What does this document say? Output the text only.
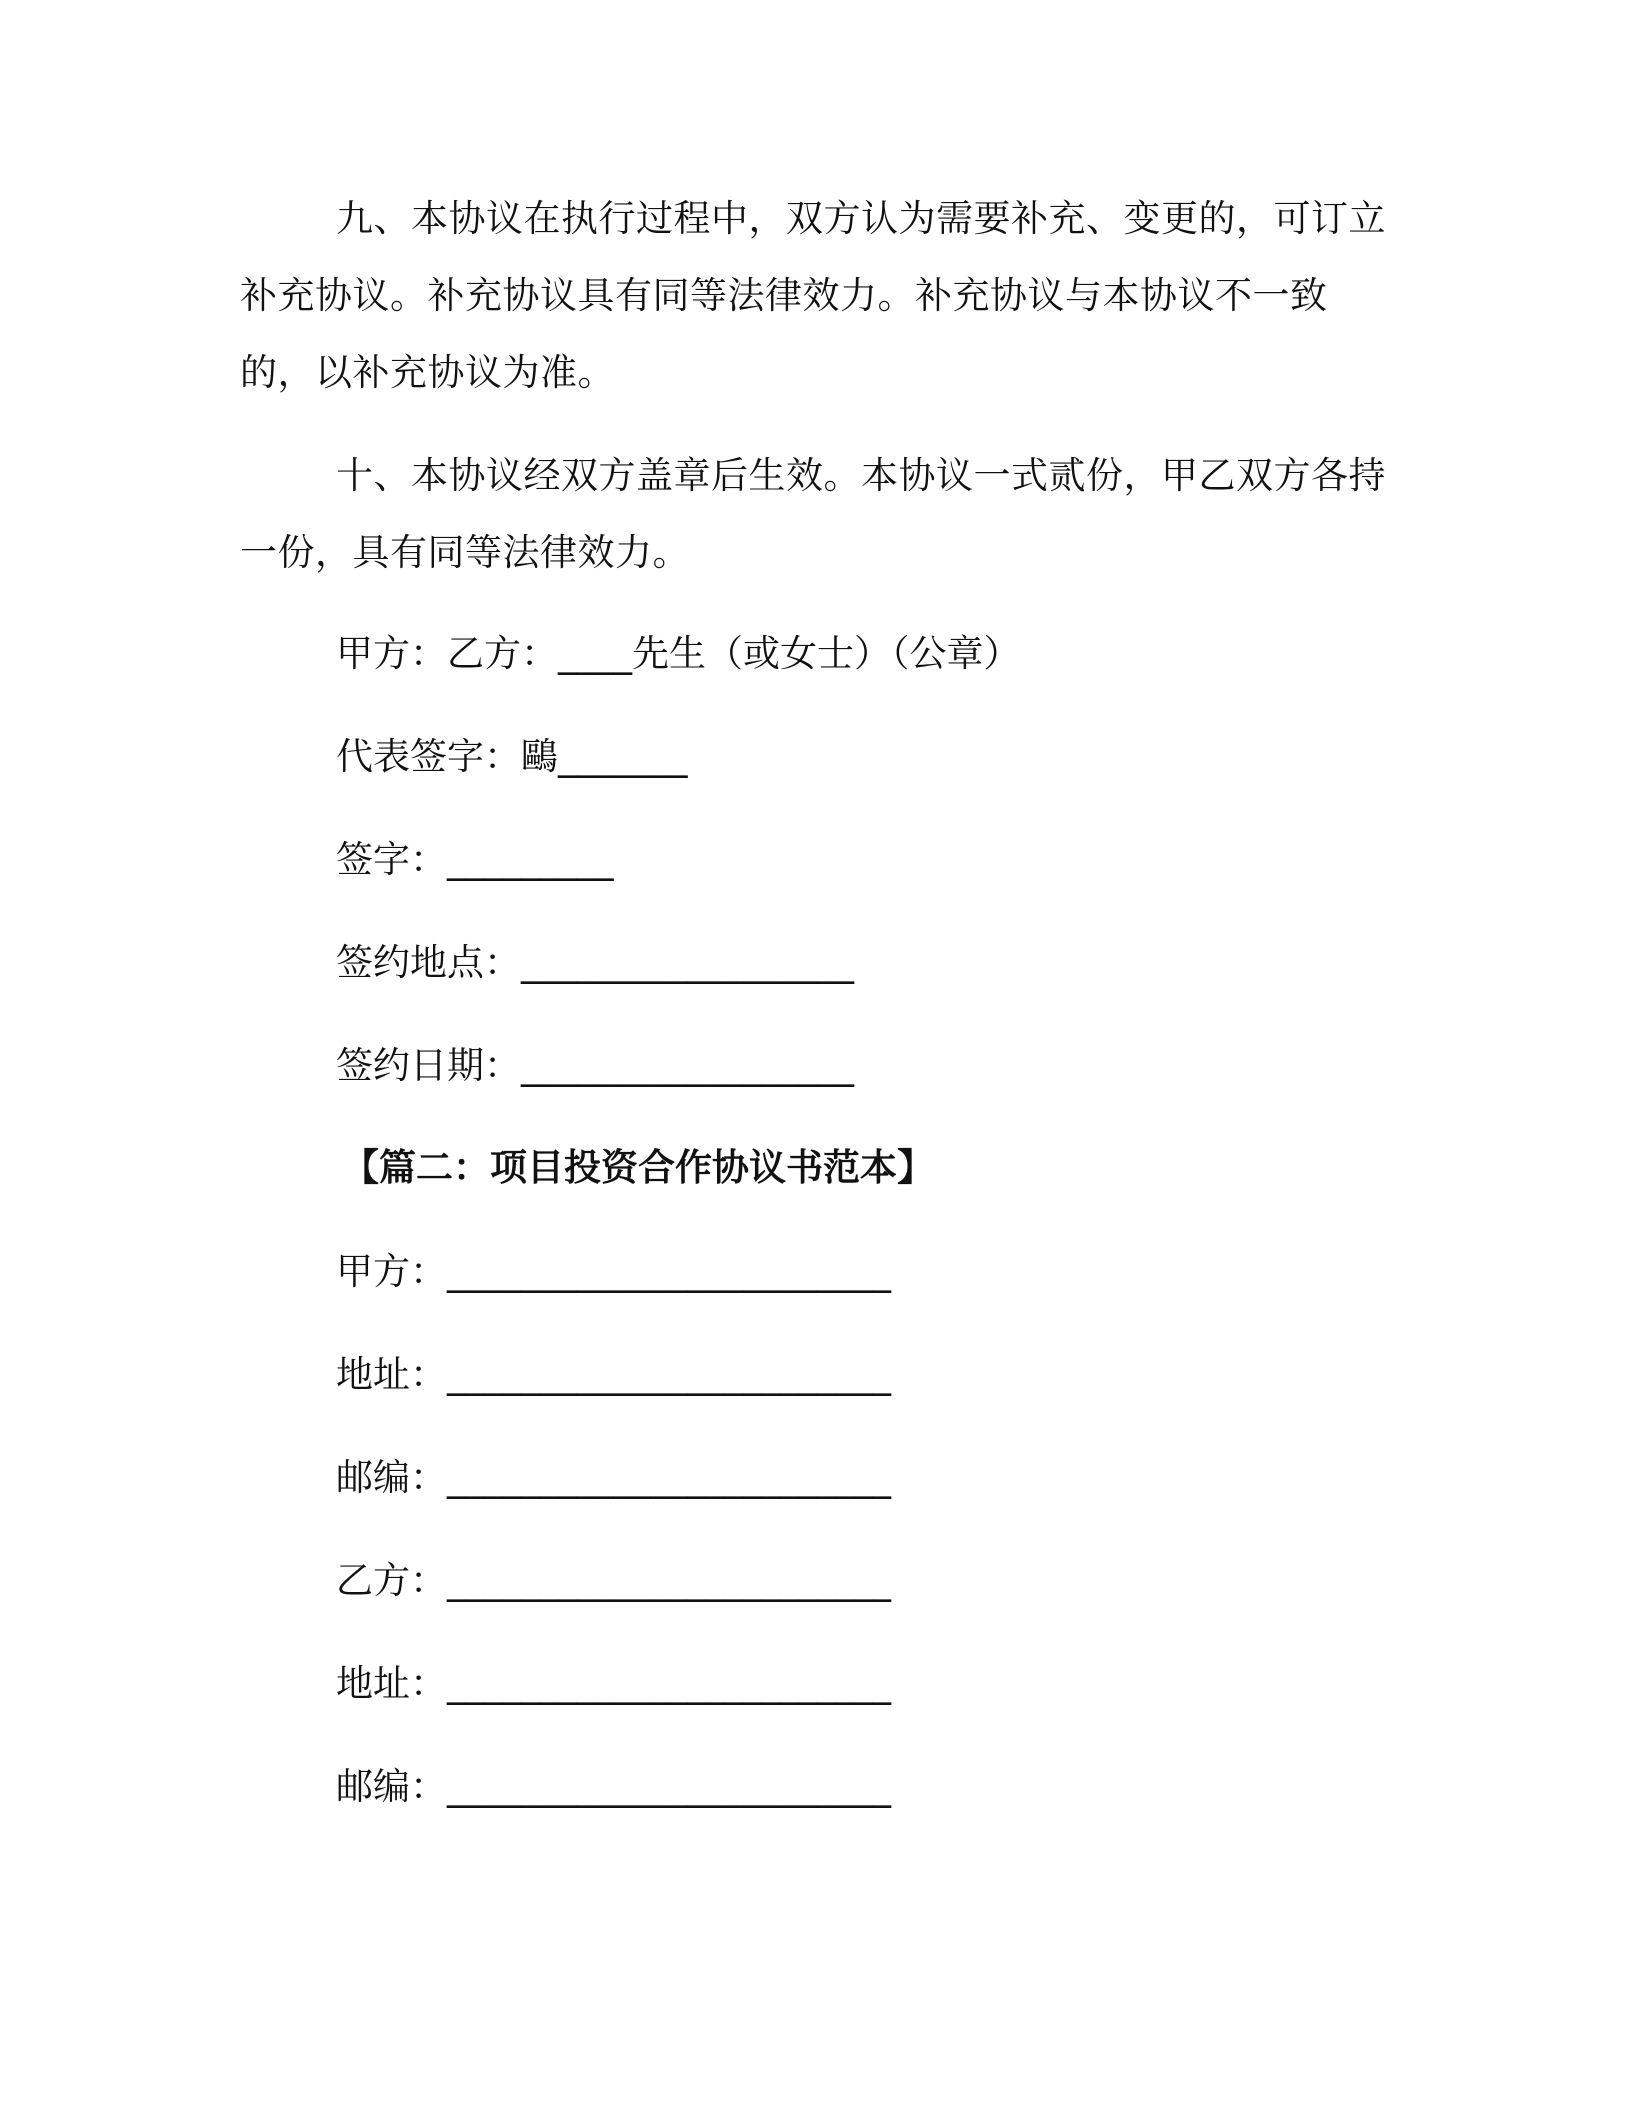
九、本协议在执行过程中，双方认为需要补充、变更的，可订立补充协议。补充协议具有同等法律效力。补充协议与本协议不一致的，以补充协议为准。

十、本协议经双方盖章后生效。本协议一式贰份，甲乙双方各持一份，具有同等法律效力。

甲方：乙方：____先生（或女士）（公章）

代表签字：鷗_______

签字：_________

签约地点：__________________

签约日期：__________________

【篇二：项目投资合作协议书范本】

甲方：________________________

地址：________________________

邮编：________________________

乙方：________________________

地址：________________________

邮编：________________________
